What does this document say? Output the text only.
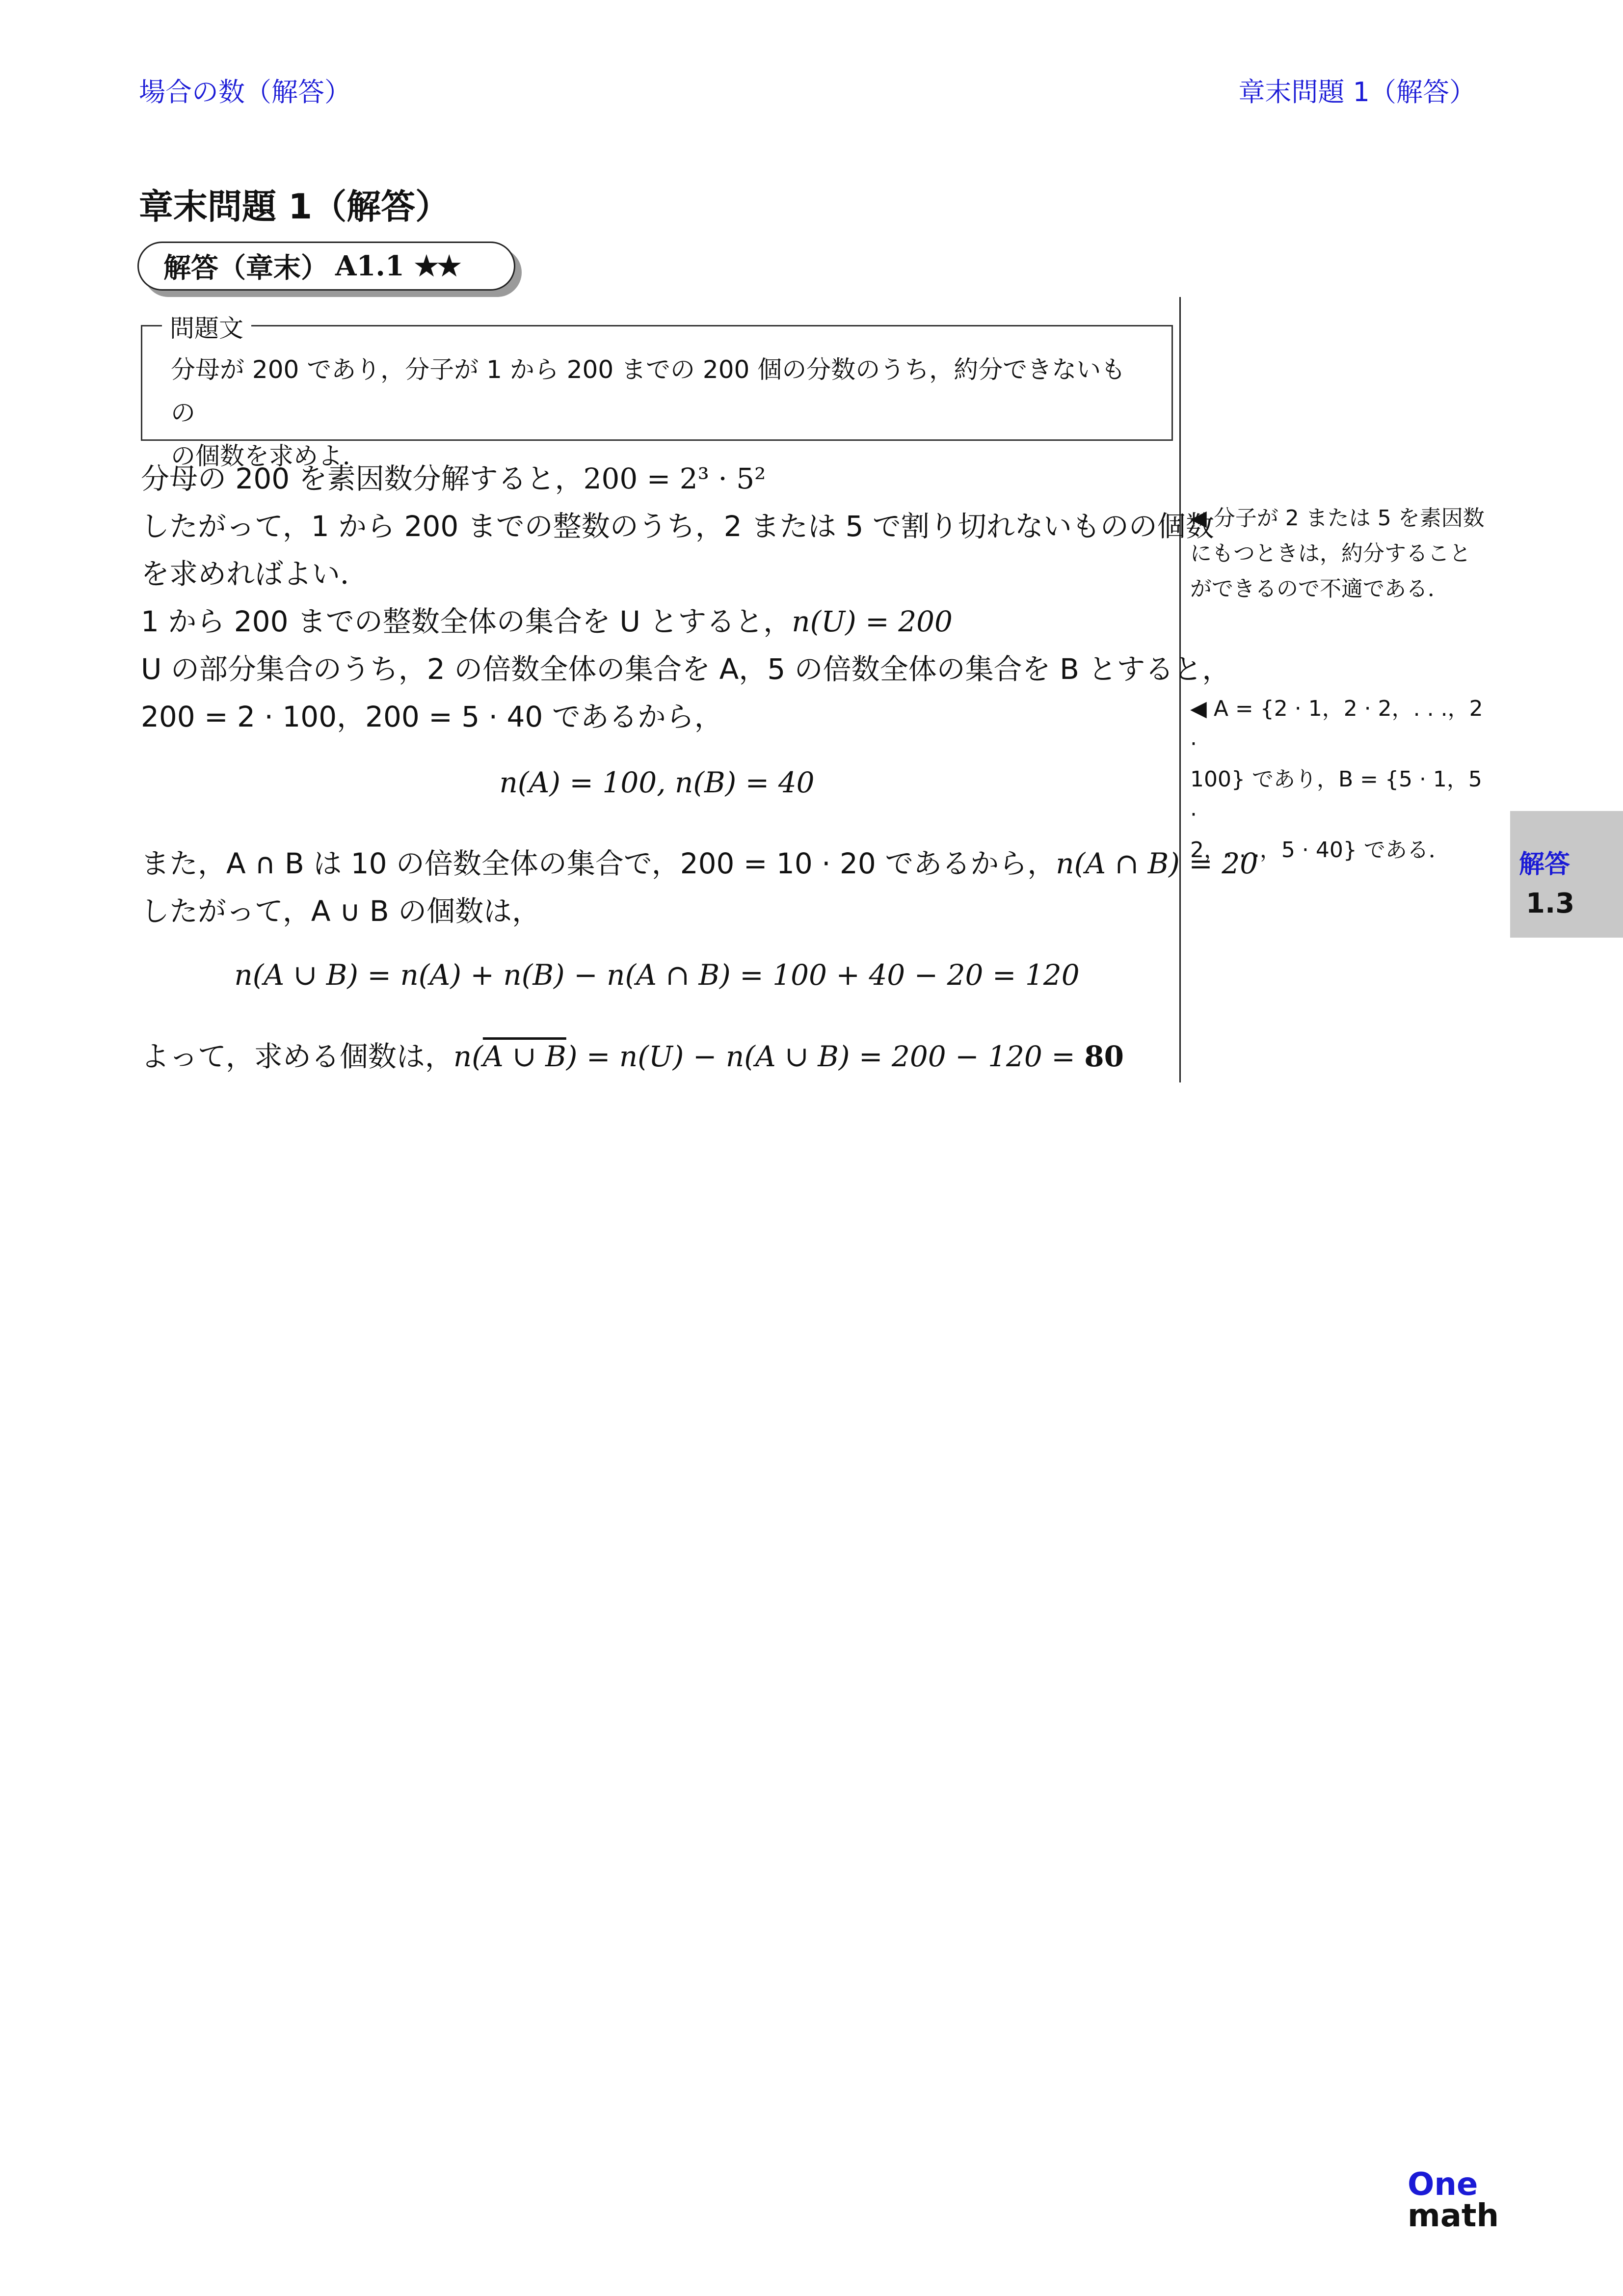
場合の数（解答）	章末問題 1（解答）
章末問題 1（解答）
解答（章末） A1.1 ★★
問題文
分母が 200 であり，分子が 1 から 200 までの 200 個の分数のうち，約分できないもの
の個数を求めよ．
分母の 200 を素因数分解すると，200 = 2³ · 5²
したがって，1 から 200 までの整数のうち，2 または 5 で割り切れないものの個数
を求めればよい．
1 から 200 までの整数全体の集合を U とすると，n(U) = 200
U の部分集合のうち，2 の倍数全体の集合を A，5 の倍数全体の集合を B とすると，
200 = 2 · 100，200 = 5 · 40 であるから，
n(A) = 100, n(B) = 40
また，A ∩ B は 10 の倍数全体の集合で，200 = 10 · 20 であるから，n(A ∩ B) = 20
したがって，A ∪ B の個数は，
n(A ∪ B) = n(A) + n(B) − n(A ∩ B) = 100 + 40 − 20 = 120
よって，求める個数は，n(A ∪ B) = n(U) − n(A ∪ B) = 200 − 120 = 80
◀ 分子が 2 または 5 を素因数
にもつときは，約分すること
ができるので不適である．
◀ A = {2 · 1，2 · 2，. . .，2 ·
100} であり，B = {5 · 1，5 ·
2，. . .，5 · 40} である．	解答
1.3
One
math
